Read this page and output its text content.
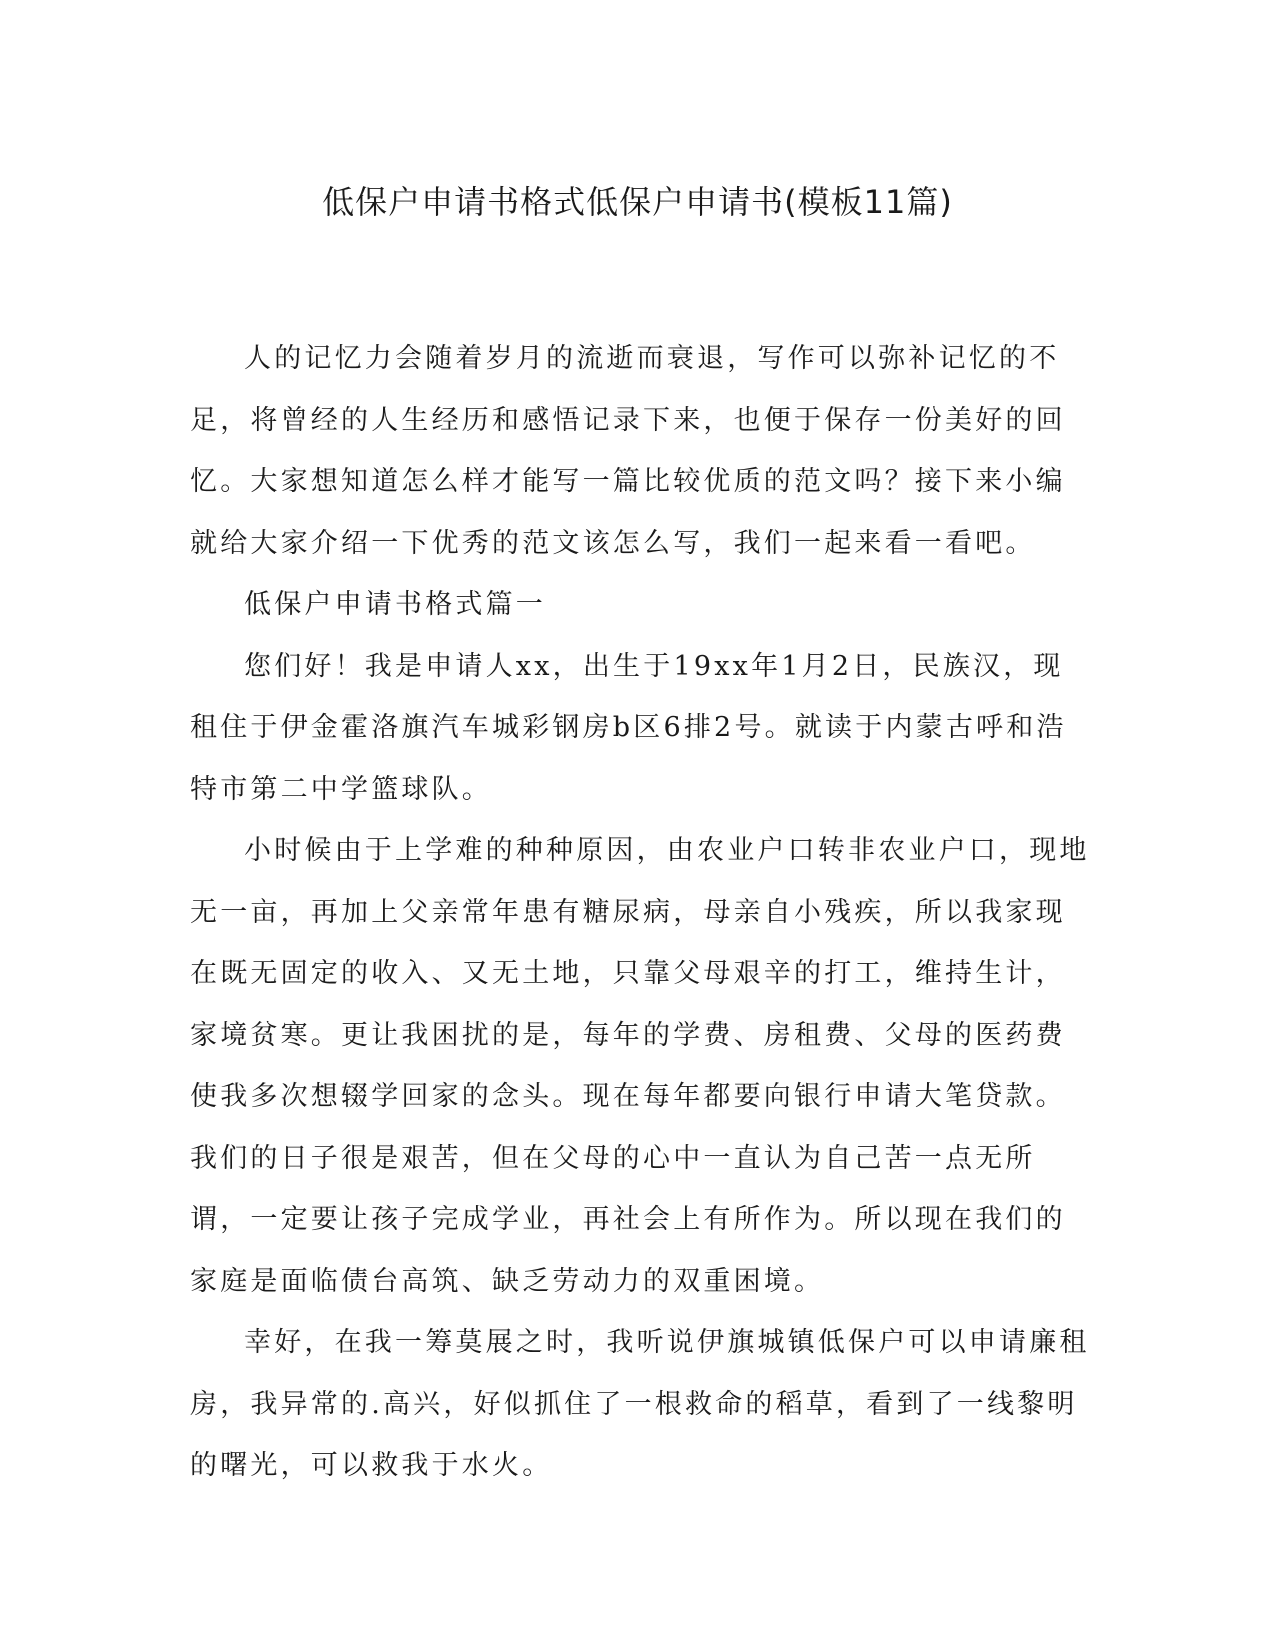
低保户申请书格式低保户申请书(模板11篇)

人的记忆力会随着岁月的流逝而衰退，写作可以弥补记忆的不足，将曾经的人生经历和感悟记录下来，也便于保存一份美好的回忆。大家想知道怎么样才能写一篇比较优质的范文吗？接下来小编就给大家介绍一下优秀的范文该怎么写，我们一起来看一看吧。

低保户申请书格式篇一

您们好！我是申请人xx，出生于19xx年1月2日，民族汉，现租住于伊金霍洛旗汽车城彩钢房b区6排2号。就读于内蒙古呼和浩特市第二中学篮球队。

小时候由于上学难的种种原因，由农业户口转非农业户口，现地无一亩，再加上父亲常年患有糖尿病，母亲自小残疾，所以我家现在既无固定的收入、又无土地，只靠父母艰辛的打工，维持生计，家境贫寒。更让我困扰的是，每年的学费、房租费、父母的医药费使我多次想辍学回家的念头。现在每年都要向银行申请大笔贷款。我们的日子很是艰苦，但在父母的心中一直认为自己苦一点无所谓，一定要让孩子完成学业，再社会上有所作为。所以现在我们的家庭是面临债台高筑、缺乏劳动力的双重困境。

幸好，在我一筹莫展之时，我听说伊旗城镇低保户可以申请廉租房，我异常的.高兴，好似抓住了一根救命的稻草，看到了一线黎明的曙光，可以救我于水火。
